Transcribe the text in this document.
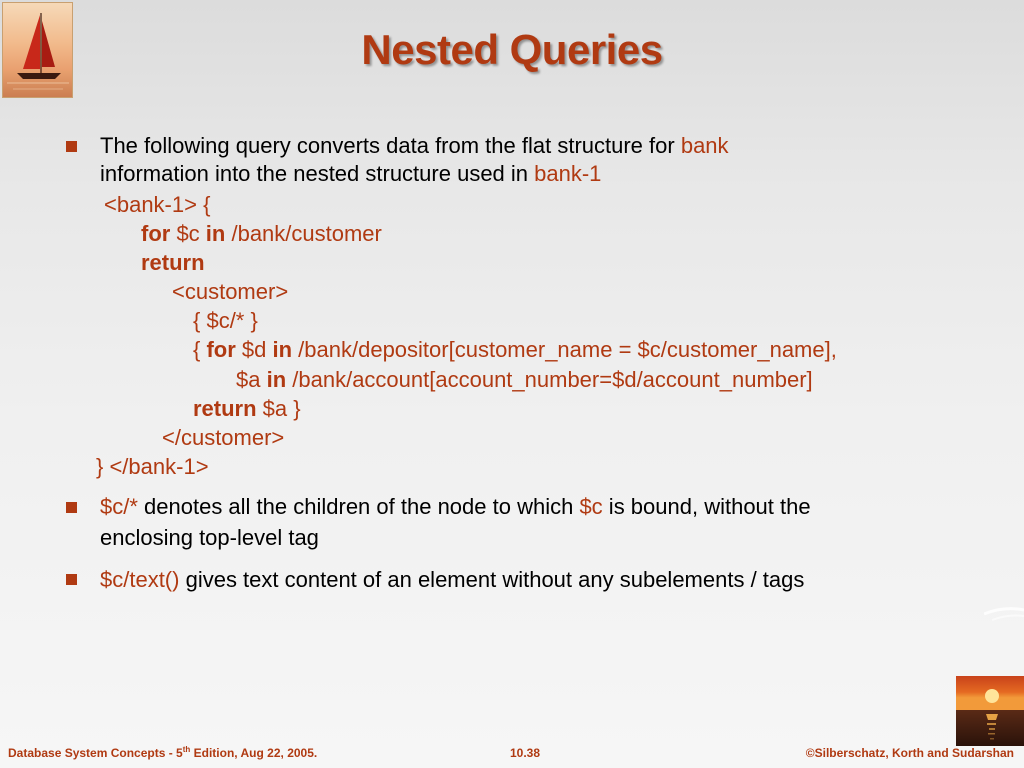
Nested Queries
The following query converts data from the flat structure for bank
information into the nested structure used in bank-1
<bank-1> {
for $c in /bank/customer
return
<customer>
{ $c/* }
{ for $d in /bank/depositor[customer_name = $c/customer_name],
$a in /bank/account[account_number=$d/account_number]
return $a }
</customer>
} </bank-1>
$c/* denotes all the children of the node to which $c is bound, without the
enclosing top-level tag
$c/text() gives text content of an element without any subelements / tags
Database System Concepts - 5th Edition, Aug 22, 2005.	10.38	©Silberschatz, Korth and Sudarshan
